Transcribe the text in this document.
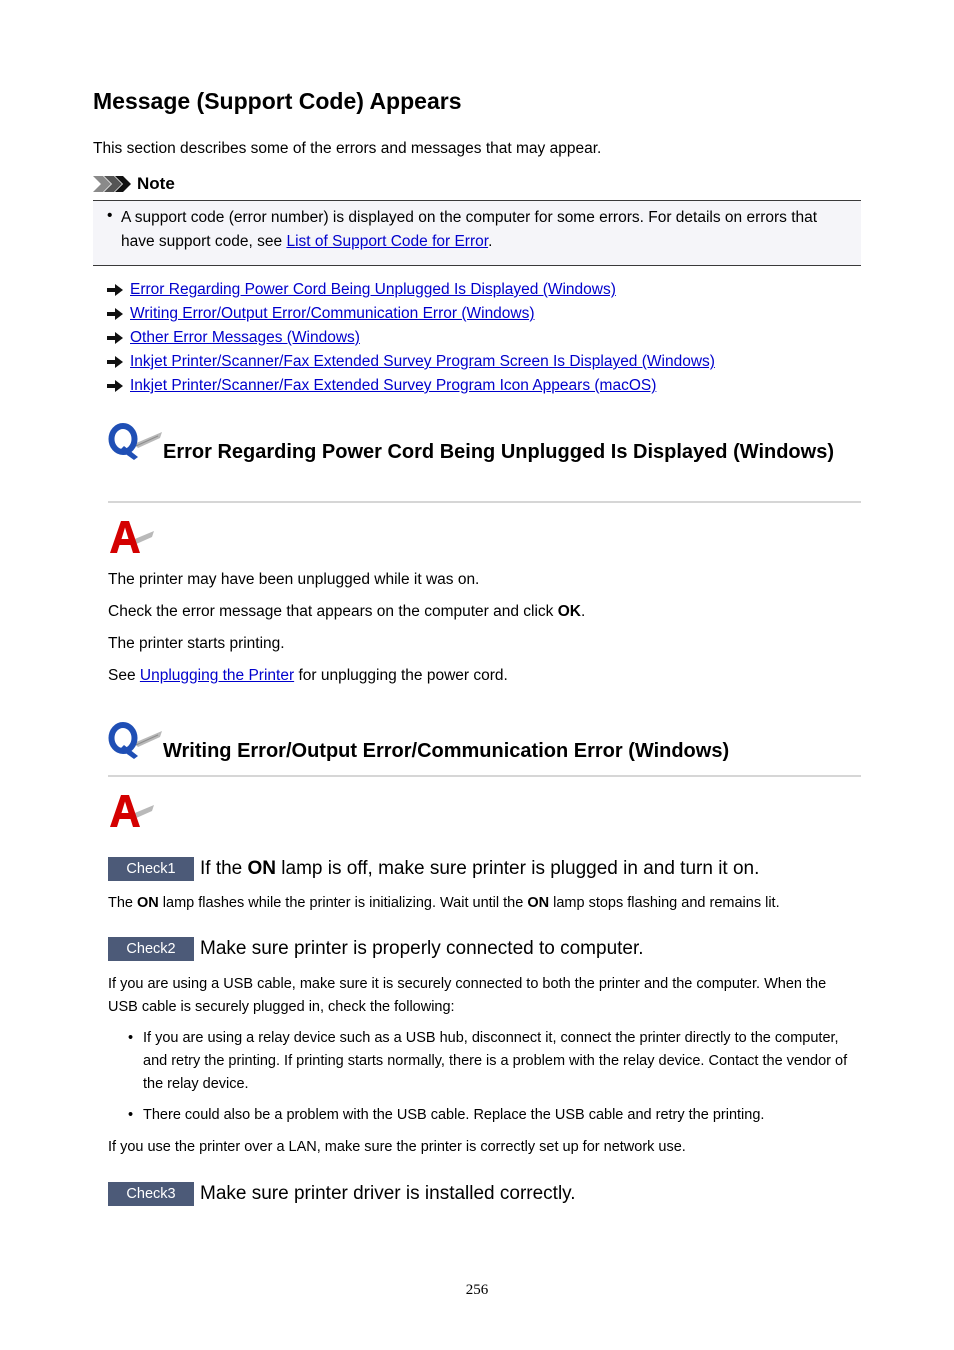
Message (Support Code) Appears
This section describes some of the errors and messages that may appear.
Note
• A support code (error number) is displayed on the computer for some errors. For details on errors that have support code, see List of Support Code for Error.
Error Regarding Power Cord Being Unplugged Is Displayed (Windows)
Writing Error/Output Error/Communication Error (Windows)
Other Error Messages (Windows)
Inkjet Printer/Scanner/Fax Extended Survey Program Screen Is Displayed (Windows)
Inkjet Printer/Scanner/Fax Extended Survey Program Icon Appears (macOS)
Error Regarding Power Cord Being Unplugged Is Displayed (Windows)
The printer may have been unplugged while it was on.
Check the error message that appears on the computer and click OK.
The printer starts printing.
See Unplugging the Printer for unplugging the power cord.
Writing Error/Output Error/Communication Error (Windows)
Check1	If the ON lamp is off, make sure printer is plugged in and turn it on.
The ON lamp flashes while the printer is initializing. Wait until the ON lamp stops flashing and remains lit.
Check2	Make sure printer is properly connected to computer.
If you are using a USB cable, make sure it is securely connected to both the printer and the computer. When the USB cable is securely plugged in, check the following:
• If you are using a relay device such as a USB hub, disconnect it, connect the printer directly to the computer, and retry the printing. If printing starts normally, there is a problem with the relay device. Contact the vendor of the relay device.
• There could also be a problem with the USB cable. Replace the USB cable and retry the printing.
If you use the printer over a LAN, make sure the printer is correctly set up for network use.
Check3	Make sure printer driver is installed correctly.
256
